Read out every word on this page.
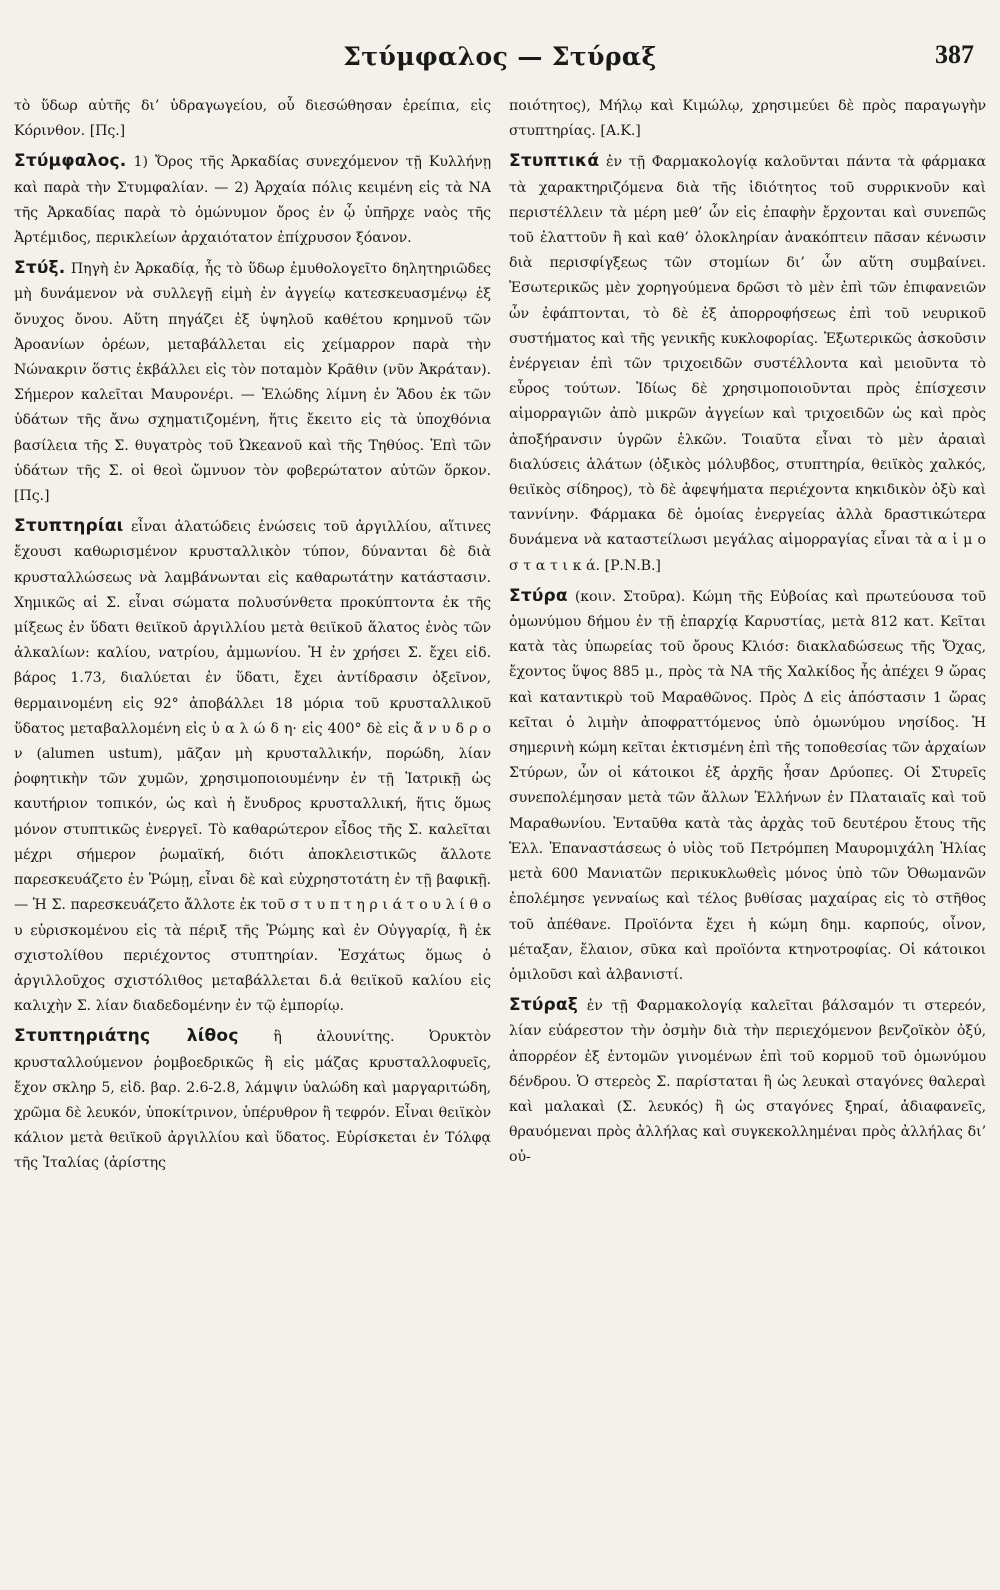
Στύμφαλος — Στύραξ	387

τὸ ὕδωρ αὐτῆς δι’ ὑδραγωγείου, οὗ διεσώθησαν ἐρείπια, εἰς Κόρινθον. [Πς.]

Στύμφαλος. 1) Ὄρος τῆς Ἀρκαδίας συνεχόμενον τῇ Κυλλήνῃ καὶ παρὰ τὴν Στυμφαλίαν. — 2) Ἀρχαία πόλις κειμένη εἰς τὰ ΝΑ τῆς Ἀρκαδίας παρὰ τὸ ὁμώνυμον ὄρος ἐν ᾧ ὑπῆρχε ναὸς τῆς Ἀρτέμιδος, περικλείων ἀρχαιότατον ἐπίχρυσον ξόανον.

Στύξ. Πηγὴ ἐν Ἀρκαδίᾳ, ἧς τὸ ὕδωρ ἐμυθολογεῖτο δηλητηριῶδες μὴ δυνάμενον νὰ συλλεγῇ εἰμὴ ἐν ἀγγείῳ κατεσκευασμένῳ ἐξ ὄνυχος ὄνου. Αὕτη πηγάζει ἐξ ὑψηλοῦ καθέτου κρημνοῦ τῶν Ἀροανίων ὀρέων, μεταβάλλεται εἰς χείμαρρον παρὰ τὴν Νώνακριν ὅστις ἐκβάλλει εἰς τὸν ποταμὸν Κρᾶθιν (νῦν Ἀκράταν). Σήμερον καλεῖται Μαυρονέρι. — Ἐλώδης λίμνη ἐν Ἅδου ἐκ τῶν ὑδάτων τῆς ἄνω σχηματιζομένη, ἥτις ἔκειτο εἰς τὰ ὑποχθόνια βασίλεια τῆς Σ. θυγατρὸς τοῦ Ὠκεανοῦ καὶ τῆς Τηθύος. Ἐπὶ τῶν ὑδάτων τῆς Σ. οἱ θεοὶ ὤμνυον τὸν φοβερώτατον αὐτῶν ὅρκον. [Πς.]

Στυπτηρίαι εἶναι ἁλατώδεις ἑνώσεις τοῦ ἀργιλλίου, αἵτινες ἔχουσι καθωρισμένον κρυσταλλικὸν τύπον, δύνανται δὲ διὰ κρυσταλλώσεως νὰ λαμβάνωνται εἰς καθαρωτάτην κατάστασιν. Χημικῶς αἱ Σ. εἶναι σώματα πολυσύνθετα προκύπτοντα ἐκ τῆς μίξεως ἐν ὕδατι θειϊκοῦ ἀργιλλίου μετὰ θειϊκοῦ ἅλατος ἑνὸς τῶν ἀλκαλίων: καλίου, νατρίου, ἀμμωνίου. Ἡ ἐν χρήσει Σ. ἔχει εἰδ. βάρος 1.73, διαλύεται ἐν ὕδατι, ἔχει ἀντίδρασιν ὀξεῖνον, θερμαινομένη εἰς 92° ἀποβάλλει 18 μόρια τοῦ κρυσταλλικοῦ ὕδατος μεταβαλλομένη εἰς ὑ α λ ώ δ η· εἰς 400° δὲ εἰς ἄ ν υ δ ρ ο ν (alumen ustum), μᾶζαν μὴ κρυσταλλικήν, πορώδη, λίαν ῥοφητικὴν τῶν χυμῶν, χρησιμοποιουμένην ἐν τῇ Ἰατρικῇ ὡς καυτήριον τοπικόν, ὡς καὶ ἡ ἔνυδρος κρυσταλλική, ἥτις ὅμως μόνον στυπτικῶς ἐνεργεῖ. Τὸ καθαρώτερον εἶδος τῆς Σ. καλεῖται μέχρι σήμερον ῥωμαϊκή, διότι ἀποκλειστικῶς ἄλλοτε παρεσκευάζετο ἐν Ῥώμῃ, εἶναι δὲ καὶ εὐχρηστοτάτη ἐν τῇ βαφικῇ. — Ἡ Σ. παρεσκευάζετο ἄλλοτε ἐκ τοῦ σ τ υ π τ η ρ ι ά τ ο υ λ ί θ ο υ εὑρισκομένου εἰς τὰ πέριξ τῆς Ῥώμης καὶ ἐν Οὐγγαρίᾳ, ἢ ἐκ σχιστολίθου περιέχοντος στυπτηρίαν. Ἐσχάτως ὅμως ὁ ἀργιλλοῦχος σχιστόλιθος μεταβάλλεται δ.ἁ θειϊκοῦ καλίου εἰς καλιχὴν Σ. λίαν διαδεδομένην ἐν τῷ ἐμπορίῳ.

Στυπτηριάτης λίθος ἢ ἀλουνίτης. Ὀρυκτὸν κρυσταλλούμενον ῥομβοεδρικῶς ἢ εἰς μάζας κρυσταλλοφυεῖς, ἔχον σκληρ 5, εἰδ. βαρ. 2.6-2.8, λάμψιν ὑαλώδη καὶ μαργαριτώδη, χρῶμα δὲ λευκόν, ὑποκίτρινον, ὑπέρυθρον ἢ τεφρόν. Εἶναι θειϊκὸν κάλιον μετὰ θειϊκοῦ ἀργιλλίου καὶ ὕδατος. Εὑρίσκεται ἐν Τόλφᾳ τῆς Ἰταλίας (ἀρίστης

ποιότητος), Μήλῳ καὶ Κιμώλῳ, χρησιμεύει δὲ πρὸς παραγωγὴν στυπτηρίας. [Α.Κ.]

Στυπτικά ἐν τῇ Φαρμακολογίᾳ καλοῦνται πάντα τὰ φάρμακα τὰ χαρακτηριζόμενα διὰ τῆς ἰδιότητος τοῦ συρρικνοῦν καὶ περιστέλλειν τὰ μέρη μεθ’ ὧν εἰς ἐπαφὴν ἔρχονται καὶ συνεπῶς τοῦ ἐλαττοῦν ἢ καὶ καθ’ ὁλοκληρίαν ἀνακόπτειν πᾶσαν κένωσιν διὰ περισφίγξεως τῶν στομίων δι’ ὧν αὕτη συμβαίνει. Ἐσωτερικῶς μὲν χορηγούμενα δρῶσι τὸ μὲν ἐπὶ τῶν ἐπιφανειῶν ὧν ἐφάπτονται, τὸ δὲ ἐξ ἀπορροφήσεως ἐπὶ τοῦ νευρικοῦ συστήματος καὶ τῆς γενικῆς κυκλοφορίας. Ἐξωτερικῶς ἀσκοῦσιν ἐνέργειαν ἐπὶ τῶν τριχοειδῶν συστέλλοντα καὶ μειοῦντα τὸ εὖρος τούτων. Ἰδίως δὲ χρησιμοποιοῦνται πρὸς ἐπίσχεσιν αἱμορραγιῶν ἀπὸ μικρῶν ἀγγείων καὶ τριχοειδῶν ὡς καὶ πρὸς ἀποξήρανσιν ὑγρῶν ἑλκῶν. Τοιαῦτα εἶναι τὸ μὲν ἀραιαὶ διαλύσεις ἁλάτων (ὀξικὸς μόλυβδος, στυπτηρία, θειϊκὸς χαλκός, θειϊκὸς σίδηρος), τὸ δὲ ἀφεψήματα περιέχοντα κηκιδικὸν ὀξὺ καὶ ταννίνην. Φάρμακα δὲ ὁμοίας ἐνεργείας ἀλλὰ δραστικώτερα δυνάμενα νὰ καταστείλωσι μεγάλας αἱμορραγίας εἶναι τὰ α ἱ μ ο σ τ α τ ι κ ά. [Ρ.Ν.Β.]

Στύρα (κοιν. Στοῦρα). Κώμη τῆς Εὐβοίας καὶ πρωτεύουσα τοῦ ὁμωνύμου δήμου ἐν τῇ ἐπαρχίᾳ Καρυστίας, μετὰ 812 κατ. Κεῖται κατὰ τὰς ὑπωρείας τοῦ ὄρους Κλιόσ: διακλαδώσεως τῆς Ὄχας, ἔχοντος ὕψος 885 μ., πρὸς τὰ ΝΑ τῆς Χαλκίδος ἧς ἀπέχει 9 ὥρας καὶ καταντικρὺ τοῦ Μαραθῶνος. Πρὸς Δ εἰς ἀπόστασιν 1 ὥρας κεῖται ὁ λιμὴν ἀποφραττόμενος ὑπὸ ὁμωνύμου νησίδος. Ἡ σημερινὴ κώμη κεῖται ἐκτισμένη ἐπὶ τῆς τοποθεσίας τῶν ἀρχαίων Στύρων, ὧν οἱ κάτοικοι ἐξ ἀρχῆς ἦσαν Δρύοπες. Οἱ Στυρεῖς συνεπολέμησαν μετὰ τῶν ἄλλων Ἑλλήνων ἐν Πλαταιαῖς καὶ τοῦ Μαραθωνίου. Ἐνταῦθα κατὰ τὰς ἀρχὰς τοῦ δευτέρου ἔτους τῆς Ἑλλ. Ἐπαναστάσεως ὁ υἱὸς τοῦ Πετρόμπεη Μαυρομιχάλη Ἠλίας μετὰ 600 Μανιατῶν περικυκλωθεὶς μόνος ὑπὸ τῶν Ὀθωμανῶν ἐπολέμησε γενναίως καὶ τέλος βυθίσας μαχαίρας εἰς τὸ στῆθος τοῦ ἀπέθανε. Προϊόντα ἔχει ἡ κώμη δημ. καρπούς, οἶνον, μέταξαν, ἔλαιον, σῦκα καὶ προϊόντα κτηνοτροφίας. Οἱ κάτοικοι ὁμιλοῦσι καὶ ἀλβανιστί.

Στύραξ ἐν τῇ Φαρμακολογίᾳ καλεῖται βάλσαμόν τι στερεόν, λίαν εὐάρεστον τὴν ὀσμὴν διὰ τὴν περιεχόμενον βενζοϊκὸν ὀξύ, ἀπορρέον ἐξ ἐντομῶν γινομένων ἐπὶ τοῦ κορμοῦ τοῦ ὁμωνύμου δένδρου. Ὁ στερεὸς Σ. παρίσταται ἢ ὡς λευκαὶ σταγόνες θαλεραὶ καὶ μαλακαὶ (Σ. λευκός) ἢ ὡς σταγόνες ξηραί, ἀδιαφανεῖς, θραυόμεναι πρὸς ἀλλήλας καὶ συγκεκολλημέναι πρὸς ἀλλήλας δι’ οὐ-
